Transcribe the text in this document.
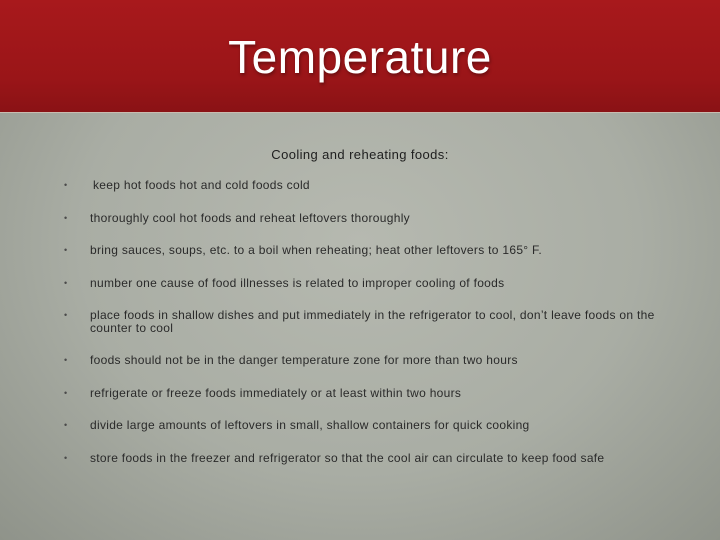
Temperature
Cooling and reheating foods:
• keep hot foods hot and cold foods cold
• thoroughly cool hot foods and reheat leftovers thoroughly
• bring sauces, soups, etc. to a boil when reheating; heat other leftovers to 165° F.
• number one cause of food illnesses is related to improper cooling of foods
• place foods in shallow dishes and put immediately in the refrigerator to cool, don’t leave foods on the counter to cool
• foods should not be in the danger temperature zone for more than two hours
• refrigerate or freeze foods immediately or at least within two hours
• divide large amounts of leftovers in small, shallow containers for quick cooking
• store foods in the freezer and refrigerator so that the cool air can circulate to keep food safe
